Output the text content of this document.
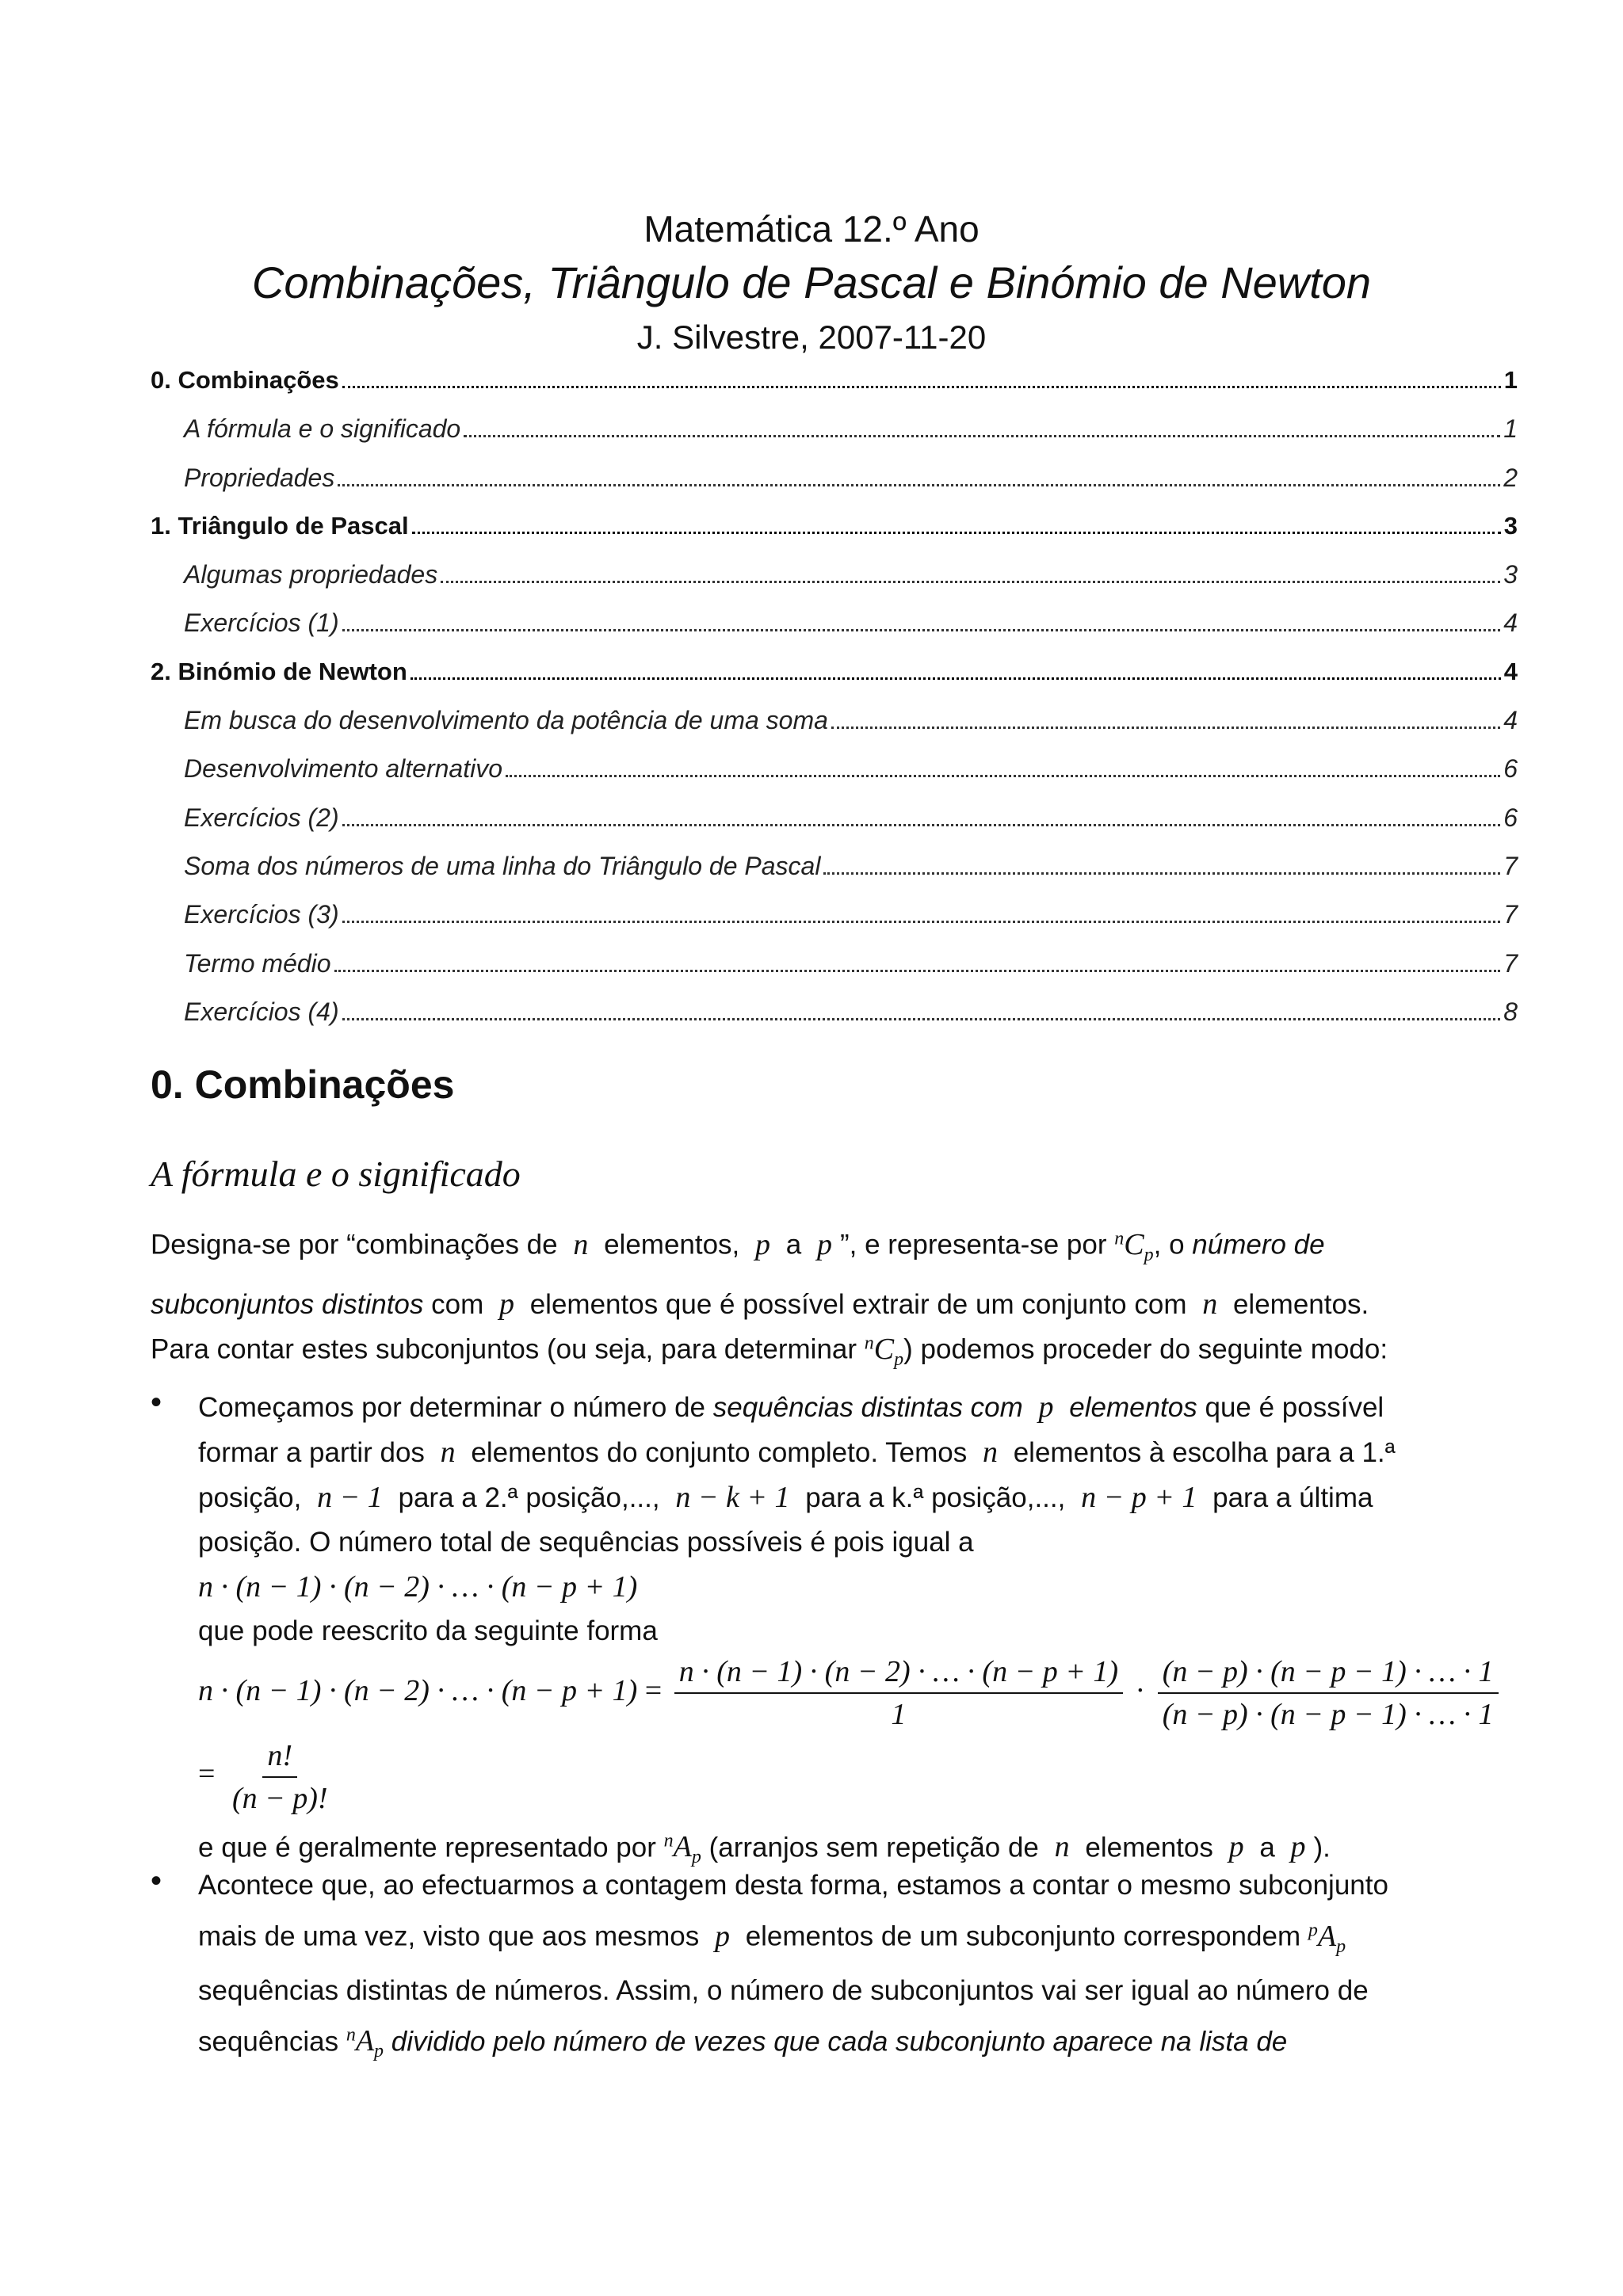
Matemática 12.º Ano
Combinações, Triângulo de Pascal e Binómio de Newton
J. Silvestre, 2007-11-20
0. Combinações	1
A fórmula e o significado	1
Propriedades	2
1. Triângulo de Pascal	3
Algumas propriedades	3
Exercícios (1)	4
2. Binómio de Newton	4
Em busca do desenvolvimento da potência de uma soma	4
Desenvolvimento alternativo	6
Exercícios (2)	6
Soma dos números de uma linha do Triângulo de Pascal	7
Exercícios (3)	7
Termo médio	7
Exercícios (4)	8
0. Combinações
A fórmula e o significado
Designa-se por “combinações de n elementos, p a p ”, e representa-se por $^nC_p$, o número de
subconjuntos distintos com p elementos que é possível extrair de um conjunto com n elementos.
Para contar estes subconjuntos (ou seja, para determinar $^nC_p$) podemos proceder do seguinte modo:
• Começamos por determinar o número de sequências distintas com p elementos que é possível
formar a partir dos n elementos do conjunto completo. Temos n elementos à escolha para a 1.ª
posição, n − 1 para a 2.ª posição,..., n − k + 1 para a k.ª posição,..., n − p + 1 para a última
posição. O número total de sequências possíveis é pois igual a
n · (n − 1) · (n − 2) · … · (n − p + 1)
que pode reescrito da seguinte forma
n · (n − 1) · (n − 2) · … · $(n - p + 1) = \frac{n \cdot (n - 1) \cdot (n - 2) \cdot \dots \cdot (n - p + 1)}{1} \cdot \frac{(n - p) \cdot (n - p - 1) \cdot \dots \cdot 1}{(n - p) \cdot (n - p - 1) \cdot \dots \cdot 1}$
= $\frac{n!}{(n - p)!}$
e que é geralmente representado por $^nA_p$ (arranjos sem repetição de n elementos p a p ).
• Acontece que, ao efectuarmos a contagem desta forma, estamos a contar o mesmo subconjunto
mais de uma vez, visto que aos mesmos p elementos de um subconjunto correspondem $^pA_p$
sequências distintas de números. Assim, o número de subconjuntos vai ser igual ao número de
sequências $^nA_p$ dividido pelo número de vezes que cada subconjunto aparece na lista de
